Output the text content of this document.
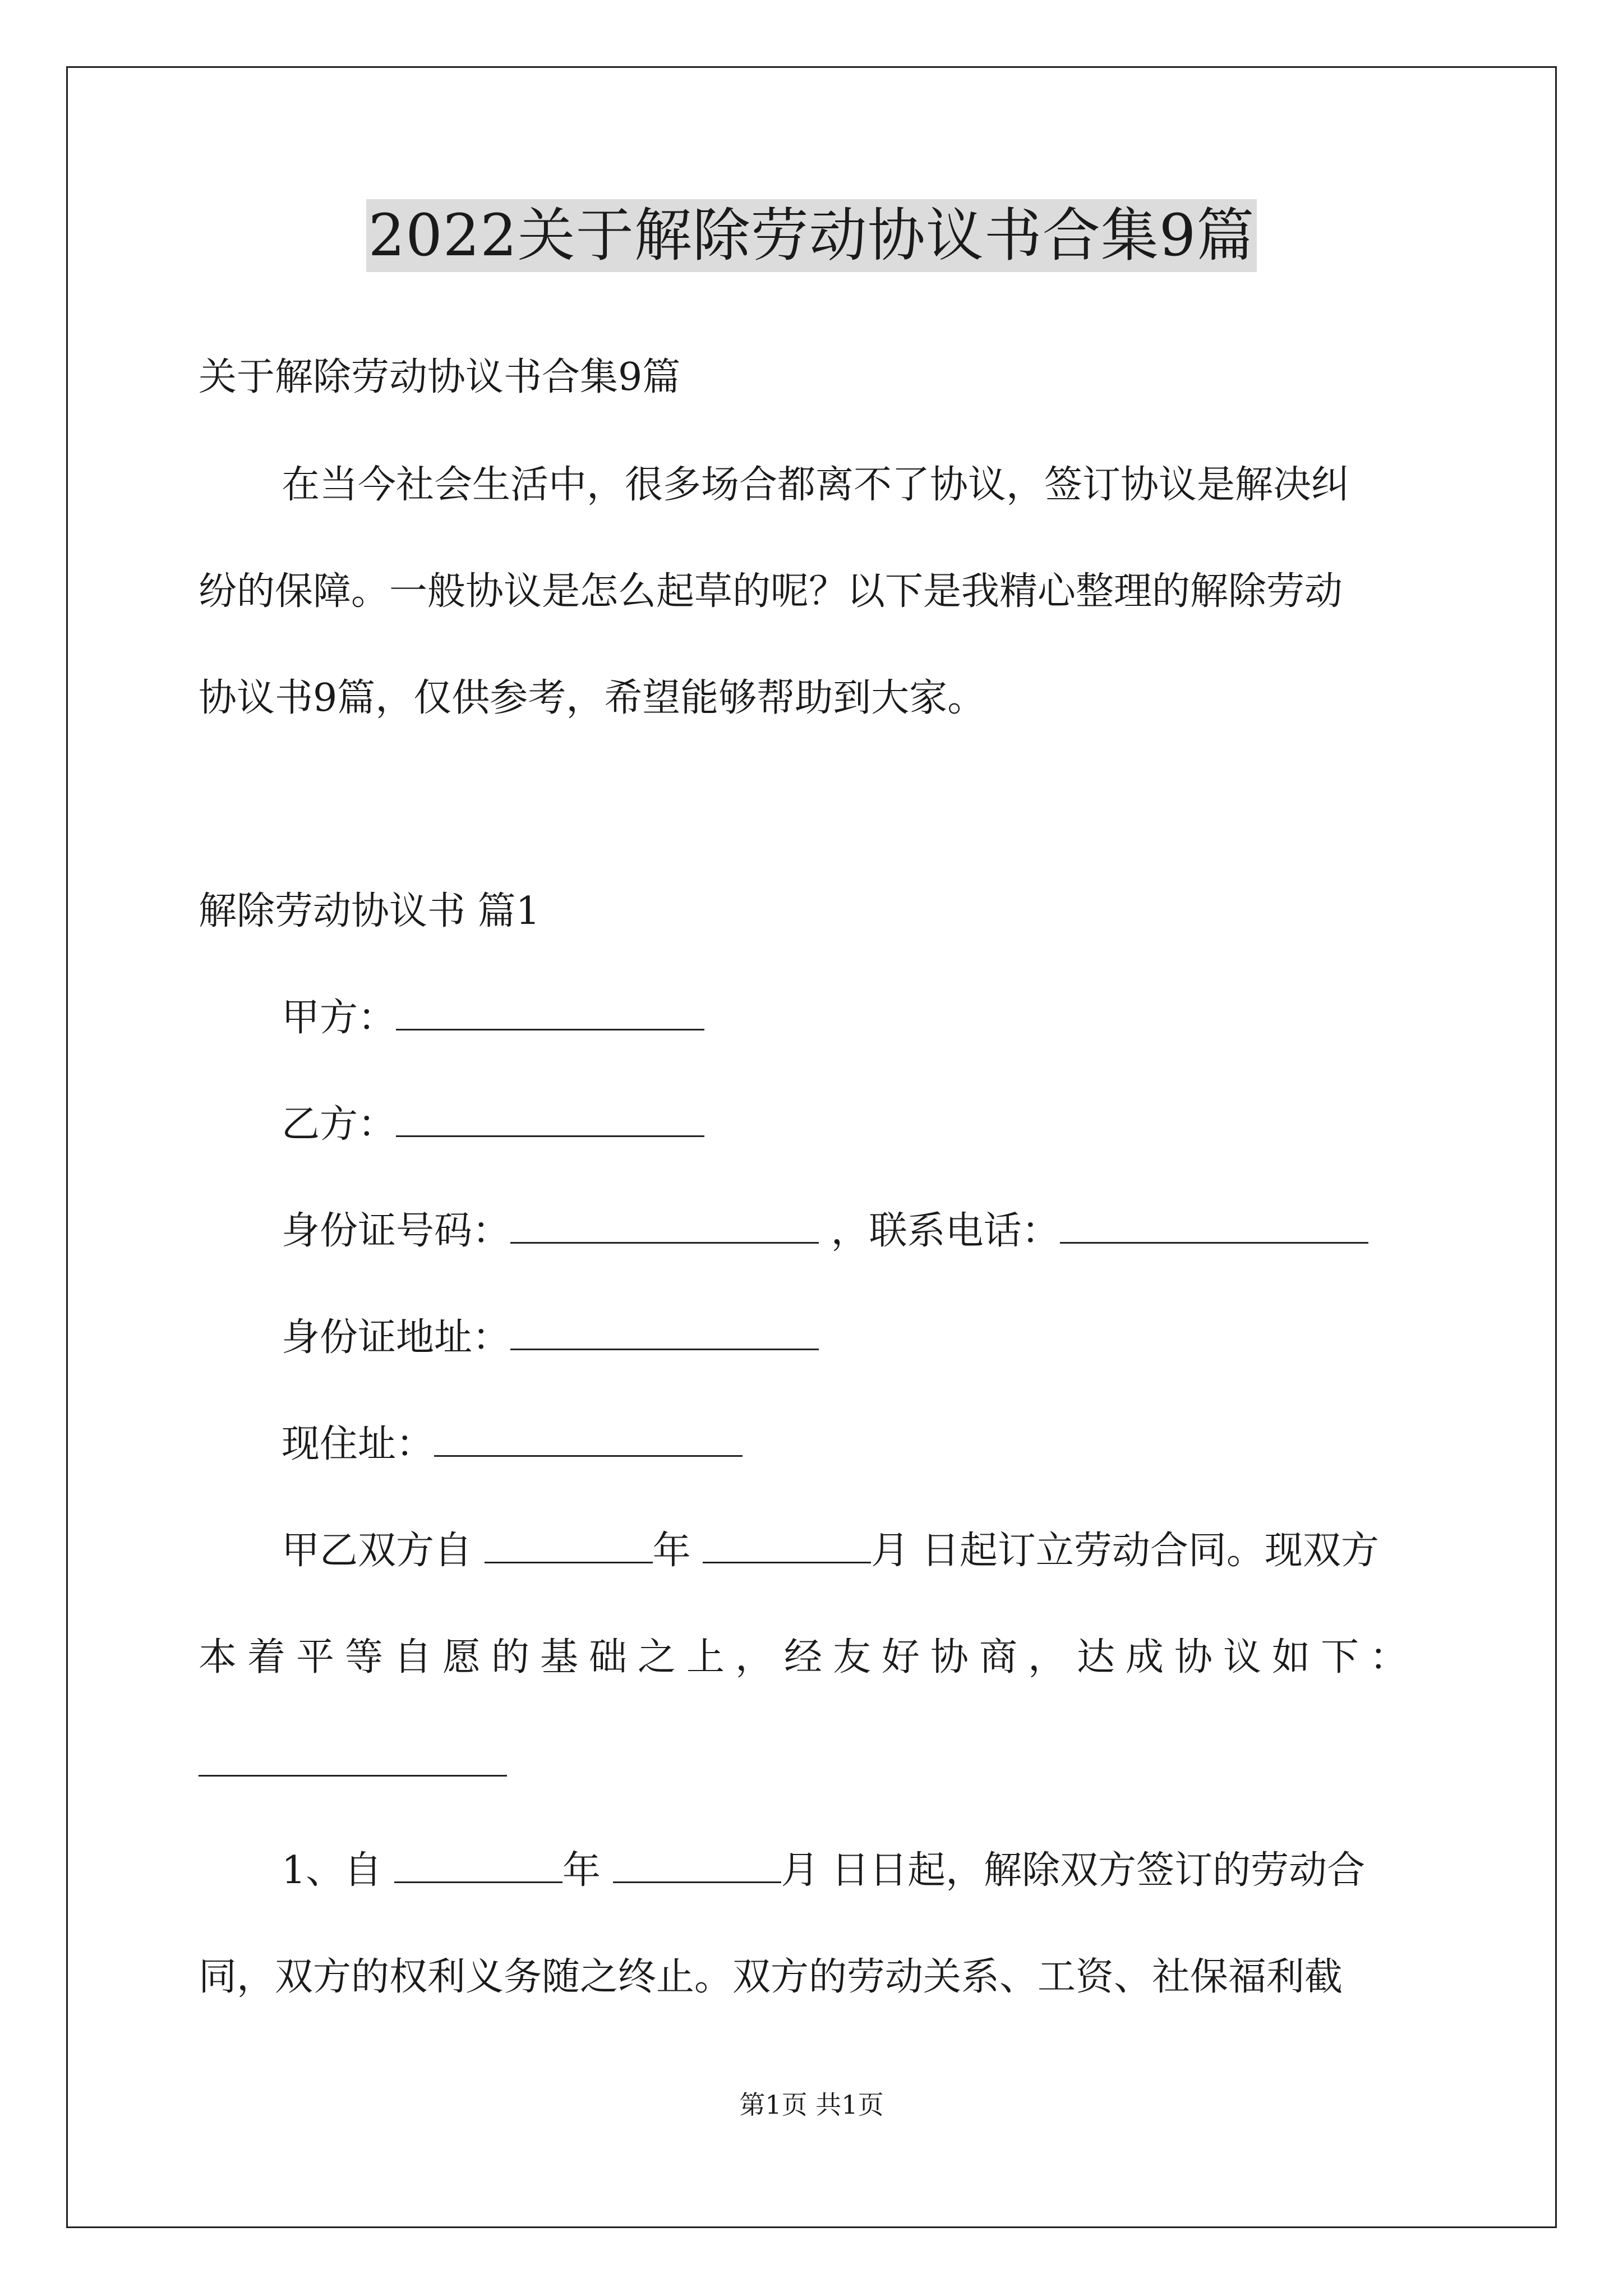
2022关于解除劳动协议书合集9篇
关于解除劳动协议书合集9篇
在当今社会生活中，很多场合都离不了协议，签订协议是解决纠
纷的保障。一般协议是怎么起草的呢？以下是我精心整理的解除劳动
协议书9篇，仅供参考，希望能够帮助到大家。
解除劳动协议书 篇1
甲方：
乙方：
身份证号码：	，联系电话：
身份证地址：
现住址：
甲乙双方自	年	月 日起订立劳动合同。现双方
本着平等自愿的基础之上，经友好协商，达成协议如下：
1、自	年	月 日日起，解除双方签订的劳动合
同，双方的权利义务随之终止。双方的劳动关系、工资、社保福利截
第1页 共1页
